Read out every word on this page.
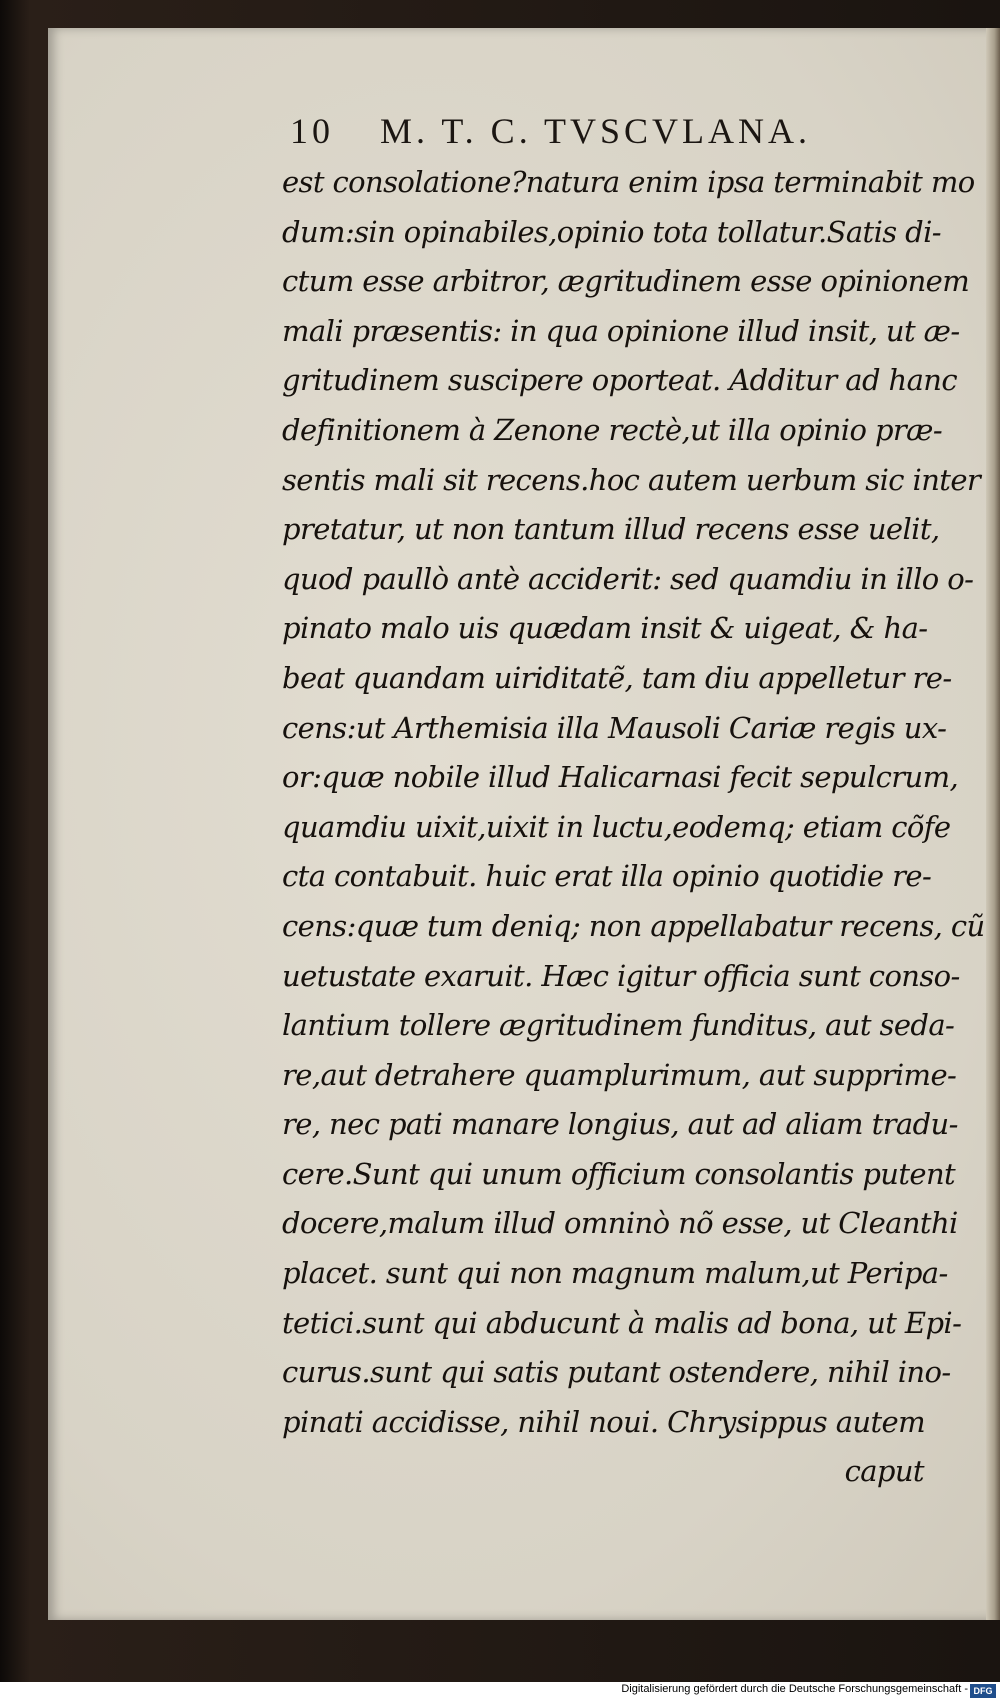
10 M. T. C. TVSCVLANA.
est consolatione?natura enim ipsa terminabit mo
dum:sin opinabiles,opinio tota tollatur.Satis di-
ctum esse arbitror, ægritudinem esse opinionem
mali præsentis: in qua opinione illud insit, ut æ-
gritudinem suscipere oporteat. Additur ad hanc
definitionem à Zenone rectè,ut illa opinio præ-
sentis mali sit recens.hoc autem uerbum sic inter
pretatur, ut non tantum illud recens esse uelit,
quod paullò antè acciderit: sed quamdiu in illo o-
pinato malo uis quædam insit & uigeat, & ha-
beat quandam uiriditatẽ, tam diu appelletur re-
cens:ut Arthemisia illa Mausoli Cariæ regis ux-
or:quæ nobile illud Halicarnasi fecit sepulcrum,
quamdiu uixit,uixit in luctu,eodemq; etiam cõfe
cta contabuit. huic erat illa opinio quotidie re-
cens:quæ tum deniq; non appellabatur recens, cũ
uetustate exaruit. Hæc igitur officia sunt conso-
lantium tollere ægritudinem funditus, aut seda-
re,aut detrahere quamplurimum, aut supprime-
re, nec pati manare longius, aut ad aliam tradu-
cere.Sunt qui unum officium consolantis putent
docere,malum illud omninò nõ esse, ut Cleanthi
placet. sunt qui non magnum malum,ut Peripa-
tetici.sunt qui abducunt à malis ad bona, ut Epi-
curus.sunt qui satis putant ostendere, nihil ino-
pinati accidisse, nihil noui. Chrysippus autem
caput
Digitalisierung gefördert durch die Deutsche Forschungsgemeinschaft - DFG
